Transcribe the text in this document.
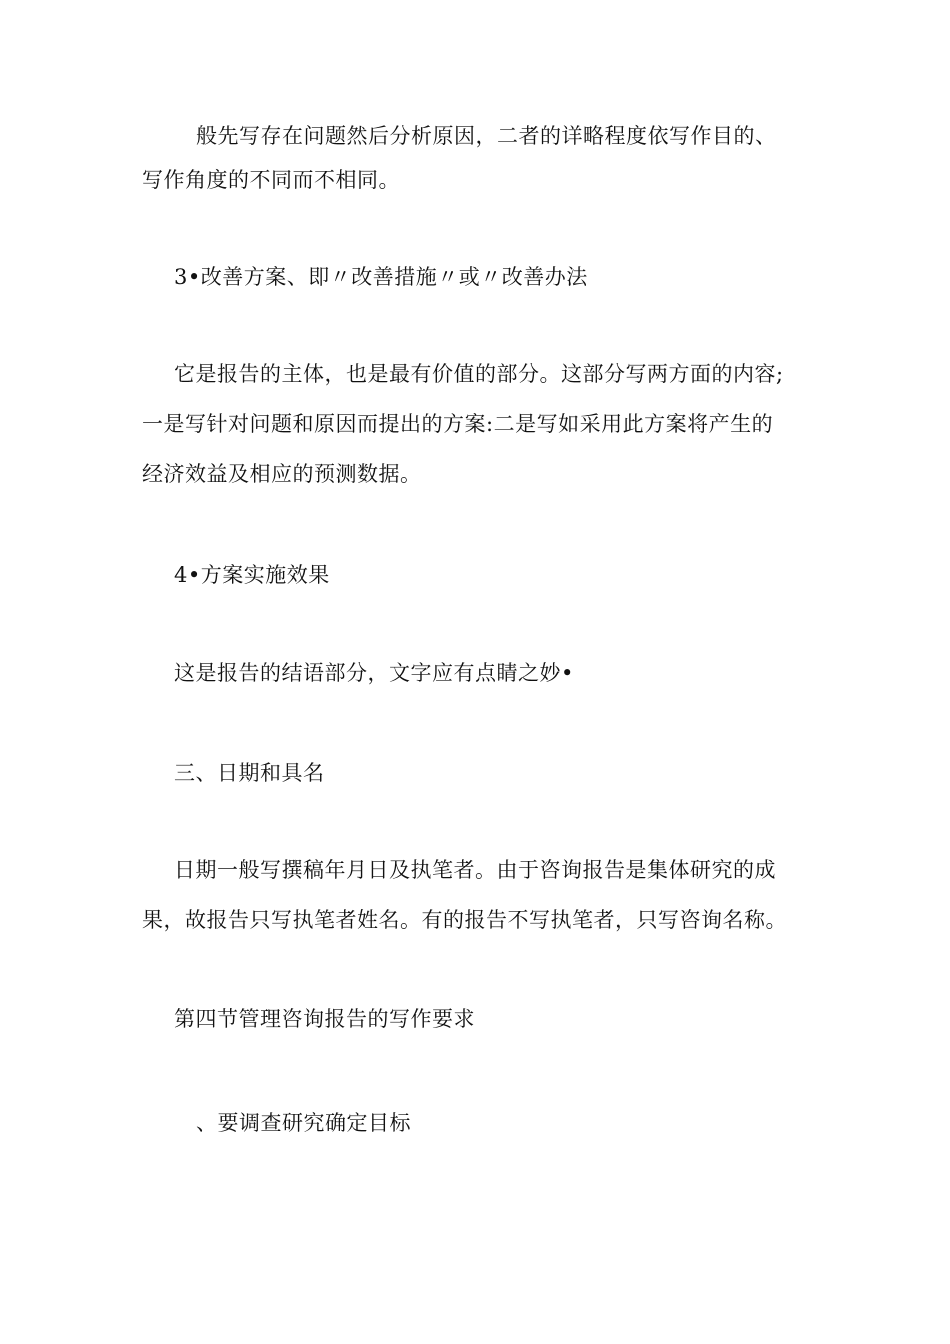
般先写存在问题然后分析原因，二者的详略程度依写作目的、
写作角度的不同而不相同。
3•改善方案、即〃改善措施〃或〃改善办法
它是报告的主体，也是最有价值的部分。这部分写两方面的内容;
一是写针对问题和原因而提出的方案:二是写如采用此方案将产生的
经济效益及相应的预测数据。
4•方案实施效果
这是报告的结语部分，文字应有点睛之妙•
三、日期和具名
日期一般写撰稿年月日及执笔者。由于咨询报告是集体研究的成
果，故报告只写执笔者姓名。有的报告不写执笔者，只写咨询名称。
第四节管理咨询报告的写作要求
、要调查研究确定目标
